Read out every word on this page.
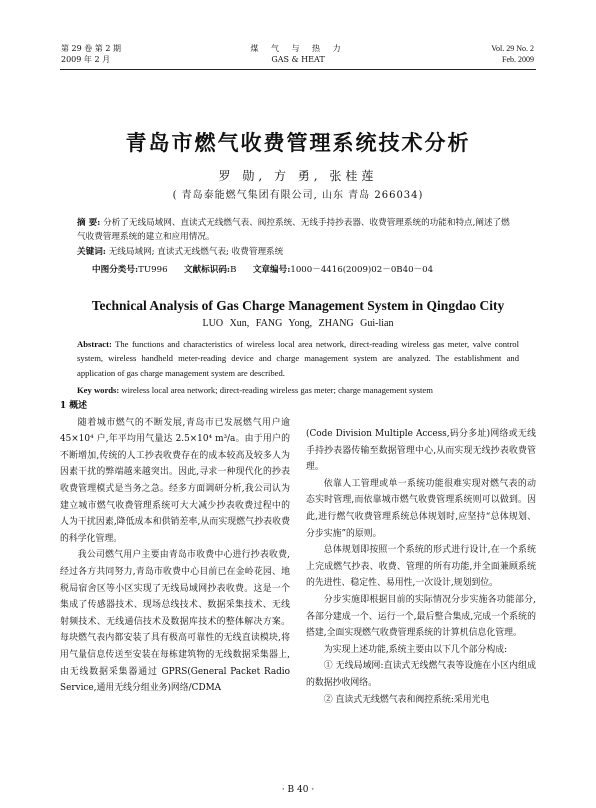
第 29 卷 第 2 期
2009 年 2 月
煤 气 与 热 力
GAS & HEAT
Vol. 29 No. 2
Feb. 2009
青岛市燃气收费管理系统技术分析
罗 勋, 方 勇, 张桂莲
( 青岛泰能燃气集团有限公司, 山东 青岛 266034)
摘 要: 分析了无线局域网、直读式无线燃气表、阀控系统、无线手持抄表器、收费管理系统的功能和特点,阐述了燃气收费管理系统的建立和应用情况。
关键词: 无线局域网; 直读式无线燃气表; 收费管理系统
中图分类号:TU996 文献标识码:B 文章编号:1000－4416(2009)02－0B40－04
Technical Analysis of Gas Charge Management System in Qingdao City
LUO Xun, FANG Yong, ZHANG Gui-lian
Abstract: The functions and characteristics of wireless local area network, direct-reading wireless gas meter, valve control system, wireless handheld meter-reading device and charge management system are analyzed. The establishment and application of gas charge management system are described.
Key words: wireless local area network; direct-reading wireless gas meter; charge management system

1 概述

随着城市燃气的不断发展,青岛市已发展燃气用户逾 45×10⁴ 户,年平均用气量达 2.5×10⁴ m³/a。由于用户的不断增加,传统的人工抄表收费存在的成本较高及较多人为因素干扰的弊端越来越突出。因此,寻求一种现代化的抄表收费管理模式是当务之急。经多方面调研分析,我公司认为建立城市燃气收费管理系统可大大减少抄表收费过程中的人为干扰因素,降低成本和供销差率,从而实现燃气抄表收费的科学化管理。

我公司燃气用户主要由青岛市收费中心进行抄表收费,经过各方共同努力,青岛市收费中心目前已在金岭花园、地税局宿舍区等小区实现了无线局域网抄表收费。这是一个集成了传感器技术、现场总线技术、数据采集技术、无线射频技术、无线通信技术及数据库技术的整体解决方案。每块燃气表内都安装了具有极高可靠性的无线直读模块,将用气量信息传送至安装在每栋建筑物的无线数据采集器上,由无线数据采集器通过 GPRS(General Packet Radio Service,通用无线分组业务)网络/CDMA

(Code Division Multiple Access,码分多址)网络或无线手持抄表器传输至数据管理中心,从而实现无线抄表收费管理。

依靠人工管理或单一系统功能很难实现对燃气表的动态实时管理,而依靠城市燃气收费管理系统则可以做到。因此,进行燃气收费管理系统总体规划时,应坚持“总体规划、分步实施”的原则。

总体规划即按照一个系统的形式进行设计,在一个系统上完成燃气抄表、收费、管理的所有功能,并全面兼顾系统的先进性、稳定性、易用性,一次设计,规划到位。

分步实施即根据目前的实际情况分步实施各功能部分,各部分建成一个、运行一个,最后整合集成,完成一个系统的搭建,全面实现燃气收费管理系统的计算机信息化管理。

为实现上述功能,系统主要由以下几个部分构成:

① 无线局域网:直读式无线燃气表等设施在小区内组成的数据抄收网络。

② 直读式无线燃气表和阀控系统:采用光电

· B 40 ·
